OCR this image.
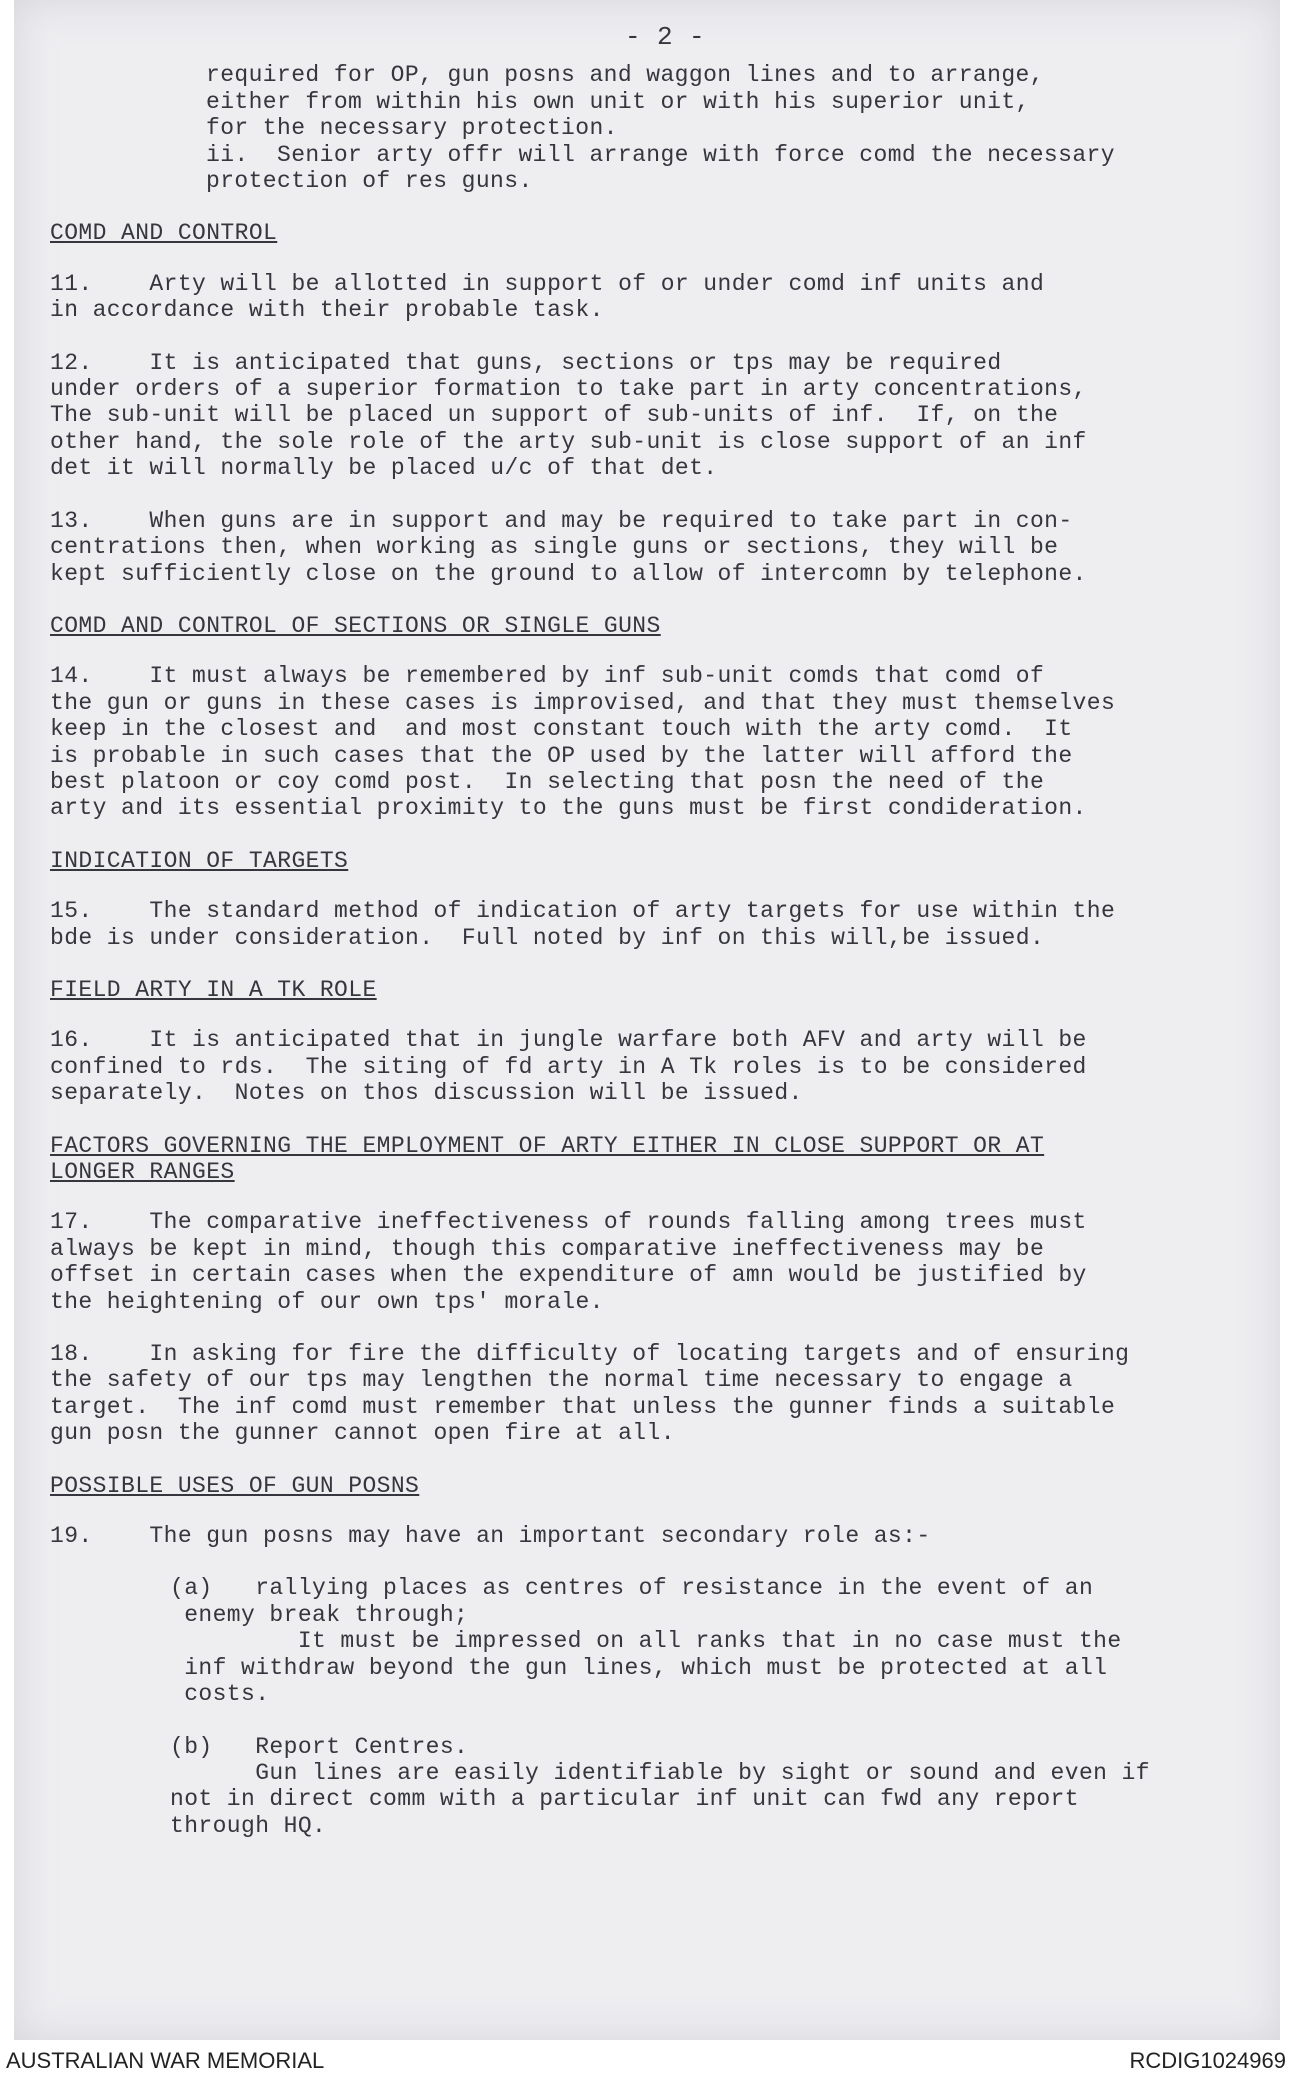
- 2 -
required for OP, gun posns and waggon lines and to arrange,
either from within his own unit or with his superior unit,
for the necessary protection.
ii.  Senior arty offr will arrange with force comd the necessary
protection of res guns.
COMD AND CONTROL
11.    Arty will be allotted in support of or under comd inf units and
in accordance with their probable task.
12.    It is anticipated that guns, sections or tps may be required
under orders of a superior formation to take part in arty concentrations,
The sub-unit will be placed un support of sub-units of inf.  If, on the
other hand, the sole role of the arty sub-unit is close support of an inf
det it will normally be placed u/c of that det.
13.    When guns are in support and may be required to take part in con-
centrations then, when working as single guns or sections, they will be
kept sufficiently close on the ground to allow of intercomn by telephone.
COMD AND CONTROL OF SECTIONS OR SINGLE GUNS
14.    It must always be remembered by inf sub-unit comds that comd of
the gun or guns in these cases is improvised, and that they must themselves
keep in the closest and  and most constant touch with the arty comd.  It
is probable in such cases that the OP used by the latter will afford the
best platoon or coy comd post.  In selecting that posn the need of the
arty and its essential proximity to the guns must be first condideration.
INDICATION OF TARGETS
15.    The standard method of indication of arty targets for use within the
bde is under consideration.  Full noted by inf on this will,be issued.
FIELD ARTY IN A TK ROLE
16.    It is anticipated that in jungle warfare both AFV and arty will be
confined to rds.  The siting of fd arty in A Tk roles is to be considered
separately.  Notes on thos discussion will be issued.
FACTORS GOVERNING THE EMPLOYMENT OF ARTY EITHER IN CLOSE SUPPORT OR AT
LONGER RANGES
17.    The comparative ineffectiveness of rounds falling among trees must
always be kept in mind, though this comparative ineffectiveness may be
offset in certain cases when the expenditure of amn would be justified by
the heightening of our own tps' morale.
18.    In asking for fire the difficulty of locating targets and of ensuring
the safety of our tps may lengthen the normal time necessary to engage a
target.  The inf comd must remember that unless the gunner finds a suitable
gun posn the gunner cannot open fire at all.
POSSIBLE USES OF GUN POSNS
19.    The gun posns may have an important secondary role as:-
(a)   rallying places as centres of resistance in the event of an
enemy break through;
It must be impressed on all ranks that in no case must the
inf withdraw beyond the gun lines, which must be protected at all
costs.
(b)   Report Centres.
Gun lines are easily identifiable by sight or sound and even if
not in direct comm with a particular inf unit can fwd any report
through HQ.
AUSTRALIAN WAR MEMORIAL	RCDIG1024969
